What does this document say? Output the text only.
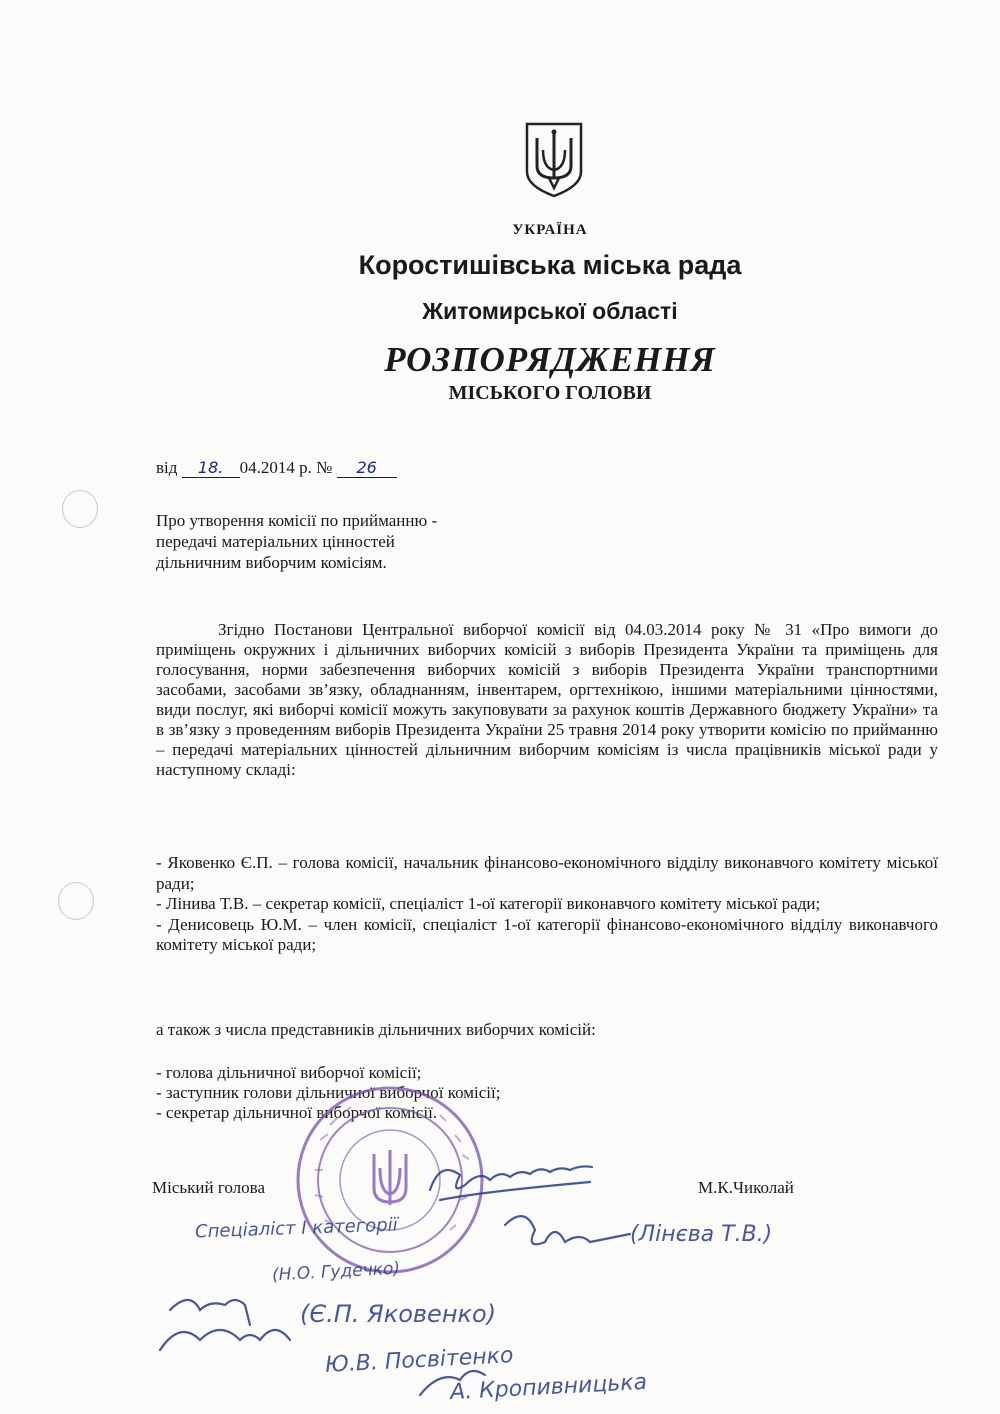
УКРАЇНА
Коростишівська міська рада
Житомирської області
РОЗПОРЯДЖЕННЯ
МІСЬКОГО ГОЛОВИ
від 18. 04.2014 р. № 26
Про утворення комісії по прийманню -
передачі матеріальних цінностей
дільничним виборчим комісіям.

Згідно Постанови Центральної виборчої комісії від 04.03.2014 року № 31 «Про вимоги до приміщень окружних і дільничних виборчих комісій з виборів Президента України та приміщень для голосування, норми забезпечення виборчих комісій з виборів Президента України транспортними засобами, засобами зв’язку, обладнанням, інвентарем, оргтехнікою, іншими матеріальними цінностями, види послуг, які виборчі комісії можуть закуповувати за рахунок коштів Державного бюджету України» та в зв’язку з проведенням виборів Президента України 25 травня 2014 року утворити комісію по прийманню – передачі матеріальних цінностей дільничним виборчим комісіям із числа працівників міської ради у наступному складі:

- Яковенко Є.П. – голова комісії, начальник фінансово-економічного відділу виконавчого комітету міської ради;

- Лінива Т.В. – секретар комісії, спеціаліст 1-ої категорії виконавчого комітету міської ради;

- Денисовець Ю.М. – член комісії, спеціаліст 1-ої категорії фінансово-економічного відділу виконавчого комітету міської ради;

а також з числа представників дільничних виборчих комісій:
- голова дільничної виборчої комісії;
- заступник голови дільничної виборчої комісії;
- секретар дільничної виборчої комісії.
Міський голова	М.К.Чиколай
Спеціаліст І категорії	(Лінєва Т.В.)
(Н.О. Гудечко)
(Є.П. Яковенко)
Ю.В. Посвітенко
А. Кропивницька
